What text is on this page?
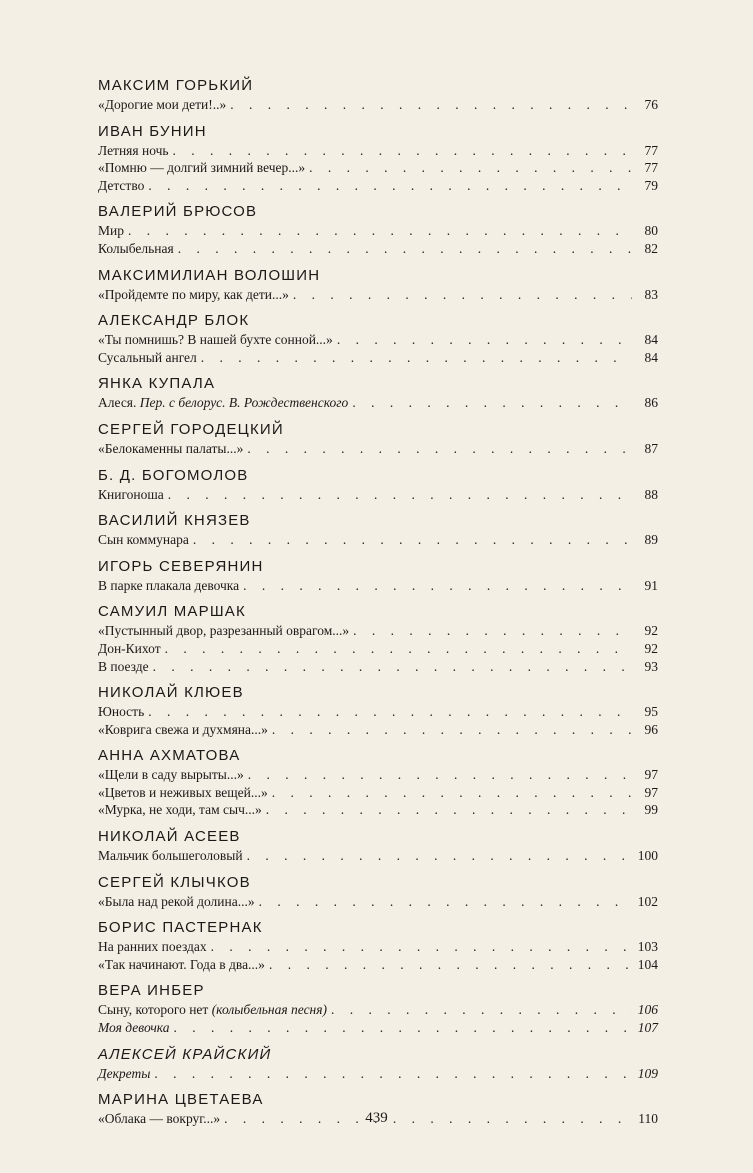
МАКСИМ ГОРЬКИЙ
«Дорогие мои дети!..» . . .	76
ИВАН БУНИН
Летняя ночь . . .	77
«Помню — долгий зимний вечер...» . . .	77
Детство . . .	79
ВАЛЕРИЙ БРЮСОВ
Мир . . .	80
Колыбельная . . .	82
МАКСИМИЛИАН ВОЛОШИН
«Пройдемте по миру, как дети...» . . .	83
АЛЕКСАНДР БЛОК
«Ты помнишь? В нашей бухте сонной...» . . .	84
Сусальный ангел . . .	84
ЯНКА КУПАЛА
Алеся. Пер. с белорус. В. Рождественского . . .	86
СЕРГЕЙ ГОРОДЕЦКИЙ
«Белокаменны палаты...» . . .	87
Б. Д. БОГОМОЛОВ
Книгоноша . . .	88
ВАСИЛИЙ КНЯЗЕВ
Сын коммунара . . .	89
ИГОРЬ СЕВЕРЯНИН
В парке плакала девочка . . .	91
САМУИЛ МАРШАК
«Пустынный двор, разрезанный оврагом...» . . .	92
Дон-Кихот . . .	92
В поезде . . .	93
НИКОЛАЙ КЛЮЕВ
Юность . . .	95
«Коврига свежа и духмяна...» . . .	96
АННА АХМАТОВА
«Щели в саду вырыты...» . . .	97
«Цветов и неживых вещей...» . . .	97
«Мурка, не ходи, там сыч...» . . .	99
НИКОЛАЙ АСЕЕВ
Мальчик большеголовый . . .	100
СЕРГЕЙ КЛЫЧКОВ
«Была над рекой долина...» . . .	102
БОРИС ПАСТЕРНАК
На ранних поездах . . .	103
«Так начинают. Года в два...» . . .	104
ВЕРА ИНБЕР
Сыну, которого нет (колыбельная песня) . . .	106
Моя девочка . . .	107
АЛЕКСЕЙ КРАЙСКИЙ
Декреты . . .	109
МАРИНА ЦВЕТАЕВА
«Облака — вокруг...» . . .	110
439
